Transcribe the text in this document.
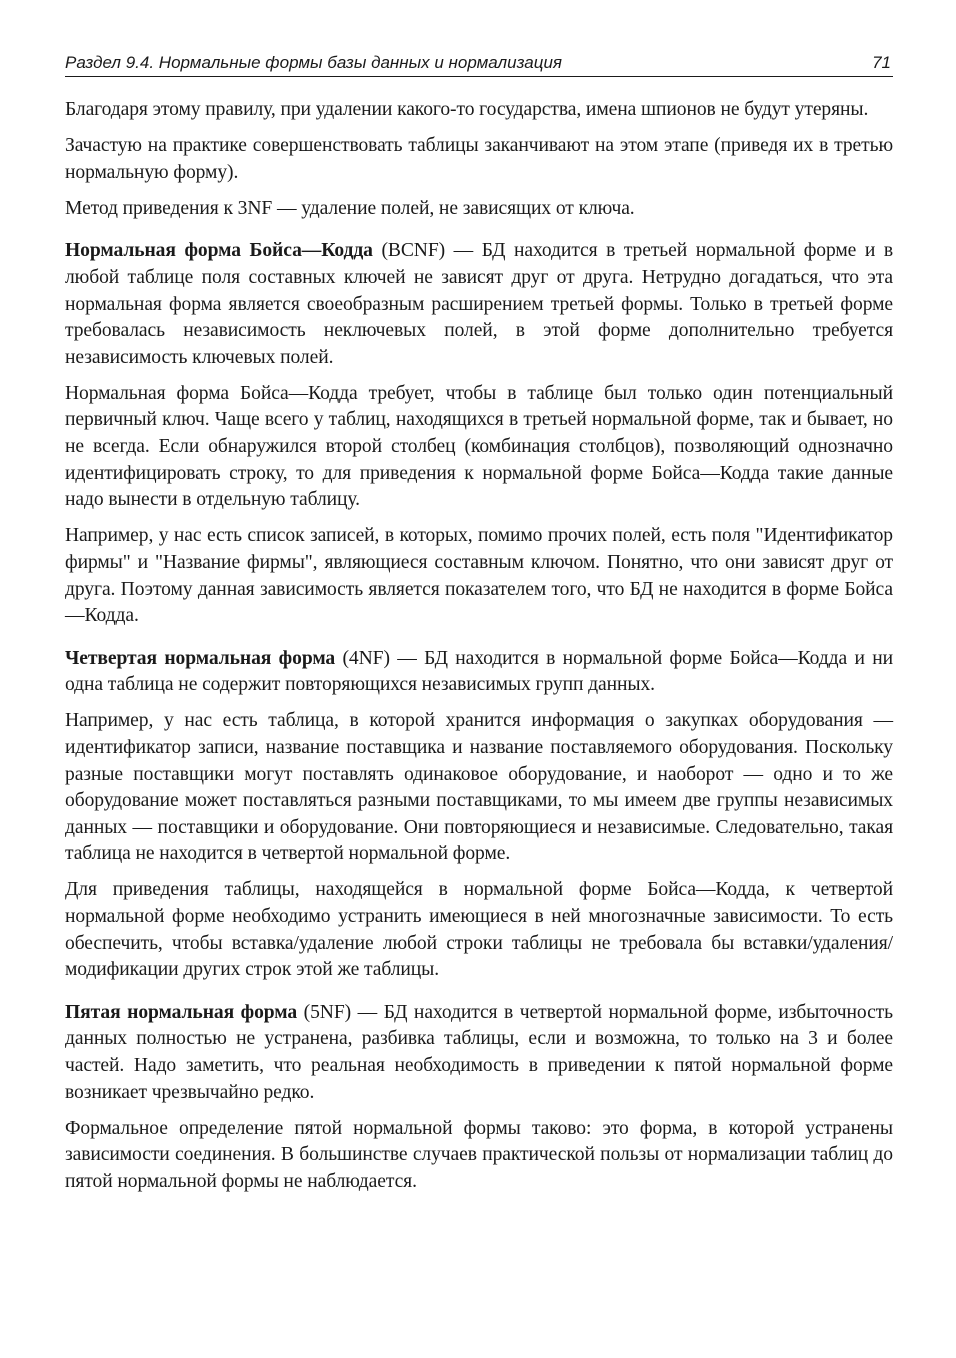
Раздел 9.4. Нормальные формы базы данных и нормализация	71

Благодаря этому правилу, при удалении какого-то государства, имена шпионов не будут утеряны.

Зачастую на практике совершенствовать таблицы заканчивают на этом этапе (приведя их в третью нормальную форму).

Метод приведения к 3NF — удаление полей, не зависящих от ключа.

Нормальная форма Бойса—Кодда (BCNF) — БД находится в третьей нормальной форме и в любой таблице поля составных ключей не зависят друг от друга. Нетрудно догадаться, что эта нормальная форма является своеобразным расширением третьей формы. Только в третьей форме требовалась независимость неключевых полей, в этой форме дополнительно требуется независимость ключевых полей.

Нормальная форма Бойса—Кодда требует, чтобы в таблице был только один потенциальный первичный ключ. Чаще всего у таблиц, находящихся в третьей нормальной форме, так и бывает, но не всегда. Если обнаружился второй столбец (комбинация столбцов), позволяющий однозначно идентифицировать строку, то для приведения к нормальной форме Бойса—Кодда такие данные надо вынести в отдельную таблицу.

Например, у нас есть список записей, в которых, помимо прочих полей, есть поля "Идентификатор фирмы" и "Название фирмы", являющиеся составным ключом. Понятно, что они зависят друг от друга. Поэтому данная зависимость является показателем того, что БД не находится в форме Бойса—Кодда.

Четвертая нормальная форма (4NF) — БД находится в нормальной форме Бойса—Кодда и ни одна таблица не содержит повторяющихся независимых групп данных.

Например, у нас есть таблица, в которой хранится информация о закупках оборудования — идентификатор записи, название поставщика и название поставляемого оборудования. Поскольку разные поставщики могут поставлять одинаковое оборудование, и наоборот — одно и то же оборудование может поставляться разными поставщиками, то мы имеем две группы независимых данных — поставщики и оборудование. Они повторяющиеся и независимые. Следовательно, такая таблица не находится в четвертой нормальной форме.

Для приведения таблицы, находящейся в нормальной форме Бойса—Кодда, к четвертой нормальной форме необходимо устранить имеющиеся в ней многозначные зависимости. То есть обеспечить, чтобы вставка/удаление любой строки таблицы не требовала бы вставки/удаления/модификации других строк этой же таблицы.

Пятая нормальная форма (5NF) — БД находится в четвертой нормальной форме, избыточность данных полностью не устранена, разбивка таблицы, если и возможна, то только на 3 и более частей. Надо заметить, что реальная необходимость в приведении к пятой нормальной форме возникает чрезвычайно редко.

Формальное определение пятой нормальной формы таково: это форма, в которой устранены зависимости соединения. В большинстве случаев практической пользы от нормализации таблиц до пятой нормальной формы не наблюдается.
